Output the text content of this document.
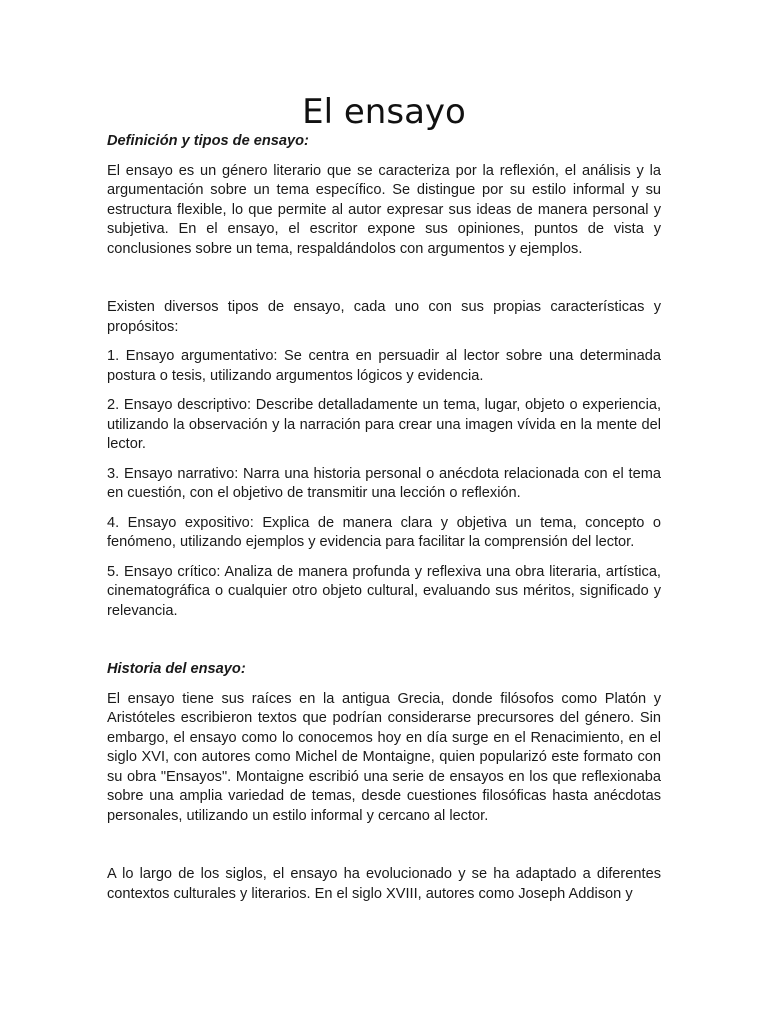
El ensayo

Definición y tipos de ensayo:

El ensayo es un género literario que se caracteriza por la reflexión, el análisis y la argumentación sobre un tema específico. Se distingue por su estilo informal y su estructura flexible, lo que permite al autor expresar sus ideas de manera personal y subjetiva. En el ensayo, el escritor expone sus opiniones, puntos de vista y conclusiones sobre un tema, respaldándolos con argumentos y ejemplos.

Existen diversos tipos de ensayo, cada uno con sus propias características y propósitos:

1. Ensayo argumentativo: Se centra en persuadir al lector sobre una determinada postura o tesis, utilizando argumentos lógicos y evidencia.

2. Ensayo descriptivo: Describe detalladamente un tema, lugar, objeto o experiencia, utilizando la observación y la narración para crear una imagen vívida en la mente del lector.

3. Ensayo narrativo: Narra una historia personal o anécdota relacionada con el tema en cuestión, con el objetivo de transmitir una lección o reflexión.

4. Ensayo expositivo: Explica de manera clara y objetiva un tema, concepto o fenómeno, utilizando ejemplos y evidencia para facilitar la comprensión del lector.

5. Ensayo crítico: Analiza de manera profunda y reflexiva una obra literaria, artística, cinematográfica o cualquier otro objeto cultural, evaluando sus méritos, significado y relevancia.

Historia del ensayo:

El ensayo tiene sus raíces en la antigua Grecia, donde filósofos como Platón y Aristóteles escribieron textos que podrían considerarse precursores del género. Sin embargo, el ensayo como lo conocemos hoy en día surge en el Renacimiento, en el siglo XVI, con autores como Michel de Montaigne, quien popularizó este formato con su obra "Ensayos". Montaigne escribió una serie de ensayos en los que reflexionaba sobre una amplia variedad de temas, desde cuestiones filosóficas hasta anécdotas personales, utilizando un estilo informal y cercano al lector.

A lo largo de los siglos, el ensayo ha evolucionado y se ha adaptado a diferentes contextos culturales y literarios. En el siglo XVIII, autores como Joseph Addison y
